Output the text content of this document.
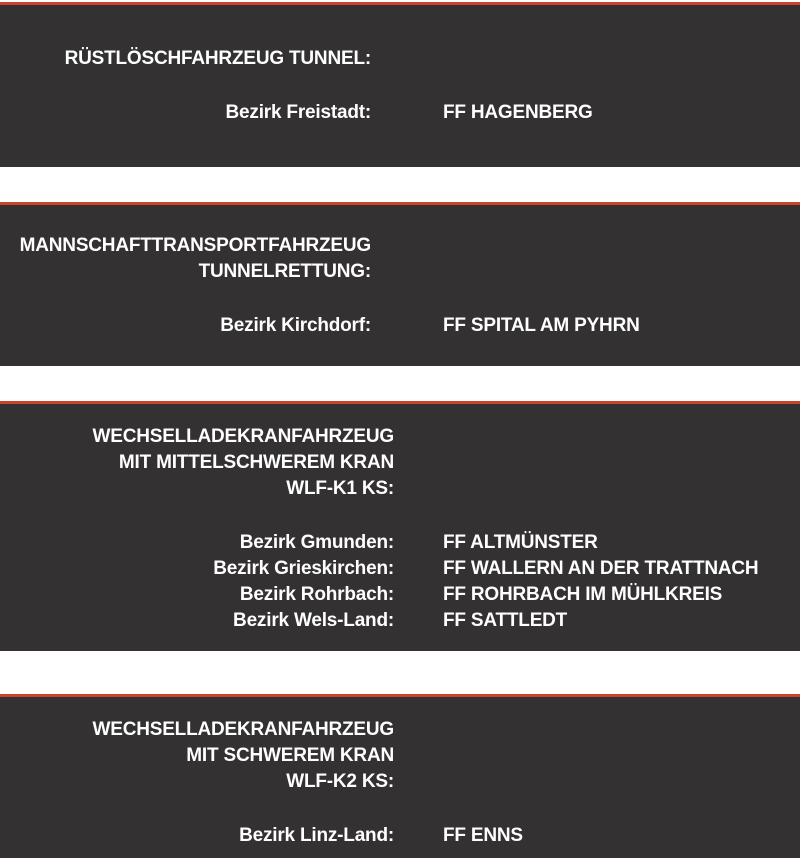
RÜSTLÖSCHFAHRZEUG TUNNEL:
Bezirk Freistadt:	FF HAGENBERG
MANNSCHAFTTRANSPORTFAHRZEUG
TUNNELRETTUNG:
Bezirk Kirchdorf:	FF SPITAL AM PYHRN
WECHSELLADEKRANFAHRZEUG
MIT MITTELSCHWEREM KRAN
WLF-K1 KS:
Bezirk Gmunden:	FF ALTMÜNSTER
Bezirk Grieskirchen:	FF WALLERN AN DER TRATTNACH
Bezirk Rohrbach:	FF ROHRBACH IM MÜHLKREIS
Bezirk Wels-Land:	FF SATTLEDT
WECHSELLADEKRANFAHRZEUG
MIT SCHWEREM KRAN
WLF-K2 KS:
Bezirk Linz-Land:	FF ENNS
